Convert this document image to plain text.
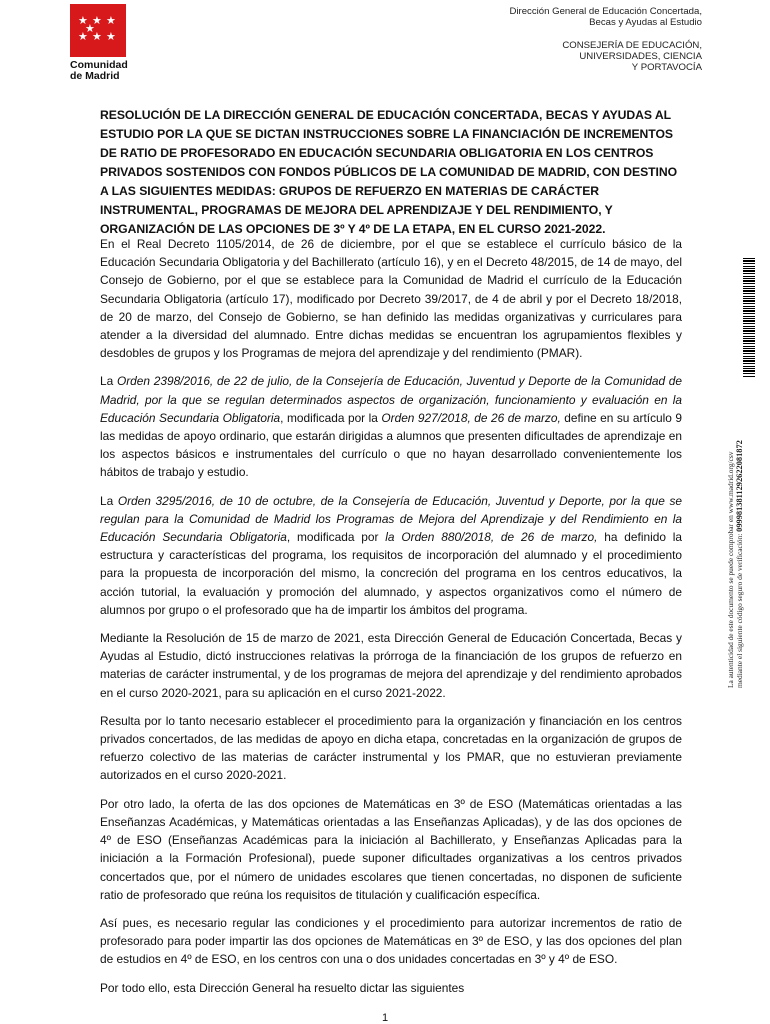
★ ★ ★
★ ★ ★
★
Comunidad
de Madrid
Dirección General de Educación Concertada,
Becas y Ayudas al Estudio
CONSEJERÍA DE EDUCACIÓN,
UNIVERSIDADES, CIENCIA
Y PORTAVOCÍA
RESOLUCIÓN DE LA DIRECCIÓN GENERAL DE EDUCACIÓN CONCERTADA, BECAS Y AYUDAS AL ESTUDIO POR LA QUE SE DICTAN INSTRUCCIONES SOBRE LA FINANCIACIÓN DE INCREMENTOS DE RATIO DE PROFESORADO EN EDUCACIÓN SECUNDARIA OBLIGATORIA EN LOS CENTROS PRIVADOS SOSTENIDOS CON FONDOS PÚBLICOS DE LA COMUNIDAD DE MADRID, CON DESTINO A LAS SIGUIENTES MEDIDAS: GRUPOS DE REFUERZO EN MATERIAS DE CARÁCTER INSTRUMENTAL, PROGRAMAS DE MEJORA DEL APRENDIZAJE Y DEL RENDIMIENTO, Y ORGANIZACIÓN DE LAS OPCIONES DE 3º Y 4º DE LA ETAPA, EN EL CURSO 2021-2022.

En el Real Decreto 1105/2014, de 26 de diciembre, por el que se establece el currículo básico de la Educación Secundaria Obligatoria y del Bachillerato (artículo 16), y en el Decreto 48/2015, de 14 de mayo, del Consejo de Gobierno, por el que se establece para la Comunidad de Madrid el currículo de la Educación Secundaria Obligatoria (artículo 17), modificado por Decreto 39/2017, de 4 de abril y por el Decreto 18/2018, de 20 de marzo, del Consejo de Gobierno, se han definido las medidas organizativas y curriculares para atender a la diversidad del alumnado. Entre dichas medidas se encuentran los agrupamientos flexibles y desdobles de grupos y los Programas de mejora del aprendizaje y del rendimiento (PMAR).

La Orden 2398/2016, de 22 de julio, de la Consejería de Educación, Juventud y Deporte de la Comunidad de Madrid, por la que se regulan determinados aspectos de organización, funcionamiento y evaluación en la Educación Secundaria Obligatoria, modificada por la Orden 927/2018, de 26 de marzo, define en su artículo 9 las medidas de apoyo ordinario, que estarán dirigidas a alumnos que presenten dificultades de aprendizaje en los aspectos básicos e instrumentales del currículo o que no hayan desarrollado convenientemente los hábitos de trabajo y estudio.

La Orden 3295/2016, de 10 de octubre, de la Consejería de Educación, Juventud y Deporte, por la que se regulan para la Comunidad de Madrid los Programas de Mejora del Aprendizaje y del Rendimiento en la Educación Secundaria Obligatoria, modificada por la Orden 880/2018, de 26 de marzo, ha definido la estructura y características del programa, los requisitos de incorporación del alumnado y el procedimiento para la propuesta de incorporación del mismo, la concreción del programa en los centros educativos, la acción tutorial, la evaluación y promoción del alumnado, y aspectos organizativos como el número de alumnos por grupo o el profesorado que ha de impartir los ámbitos del programa.

Mediante la Resolución de 15 de marzo de 2021, esta Dirección General de Educación Concertada, Becas y Ayudas al Estudio, dictó instrucciones relativas la prórroga de la financiación de los grupos de refuerzo en materias de carácter instrumental, y de los programas de mejora del aprendizaje y del rendimiento aprobados en el curso 2020-2021, para su aplicación en el curso 2021-2022.

Resulta por lo tanto necesario establecer el procedimiento para la organización y financiación en los centros privados concertados, de las medidas de apoyo en dicha etapa, concretadas en la organización de grupos de refuerzo colectivo de las materias de carácter instrumental y los PMAR, que no estuvieran previamente autorizados en el curso 2020-2021.

Por otro lado, la oferta de las dos opciones de Matemáticas en 3º de ESO (Matemáticas orientadas a las Enseñanzas Académicas, y Matemáticas orientadas a las Enseñanzas Aplicadas), y de las dos opciones de 4º de ESO (Enseñanzas Académicas para la iniciación al Bachillerato, y Enseñanzas Aplicadas para la iniciación a la Formación Profesional), puede suponer dificultades organizativas a los centros privados concertados que, por el número de unidades escolares que tienen concertadas, no disponen de suficiente ratio de profesorado que reúna los requisitos de titulación y cualificación específica.

Así pues, es necesario regular las condiciones y el procedimiento para autorizar incrementos de ratio de profesorado para poder impartir las dos opciones de Matemáticas en 3º de ESO, y las dos opciones del plan de estudios en 4º de ESO, en los centros con una o dos unidades concertadas en 3º y 4º de ESO.

Por todo ello, esta Dirección General ha resuelto dictar las siguientes

La autenticidad de este documento se puede comprobar en www.madrid.org/csv mediante el siguiente código seguro de verificación: 0999813811292622081872
1
